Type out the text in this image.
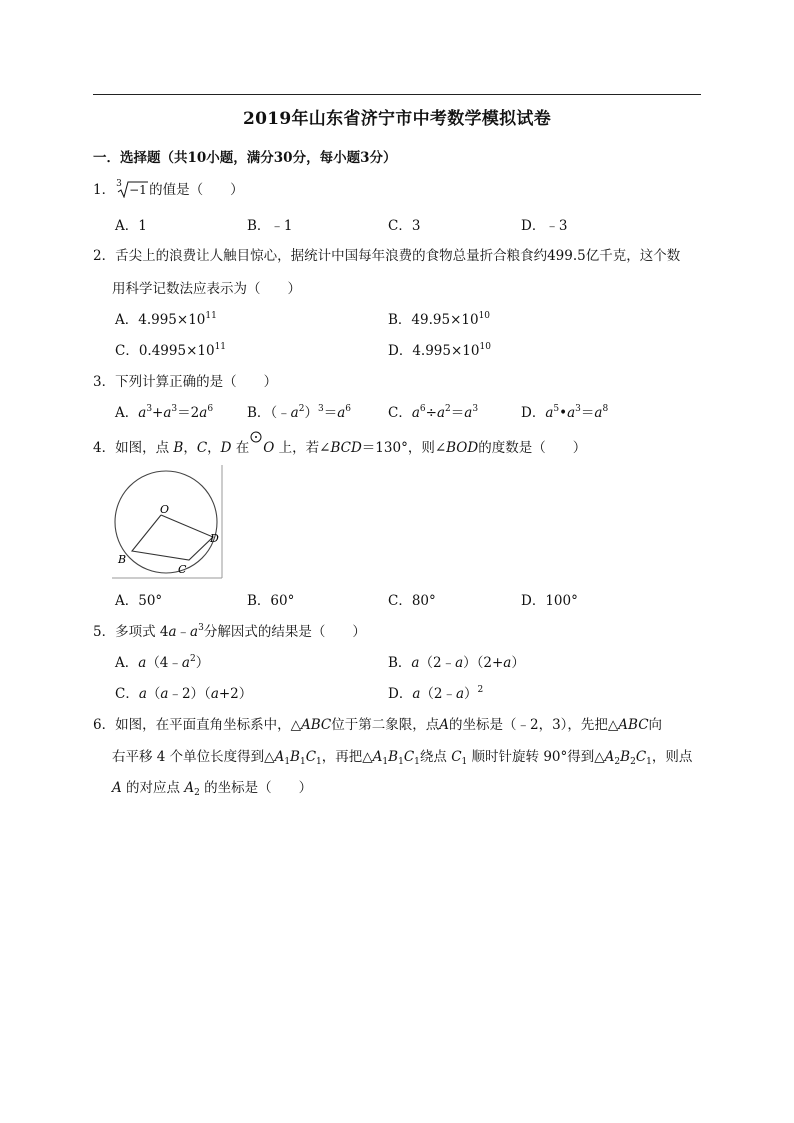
2019年山东省济宁市中考数学模拟试卷
一．选择题（共10小题，满分30分，每小题3分）
1． 3 −1 的值是（　　）
A．1	B．﹣1	C．3	D．﹣3
2．舌尖上的浪费让人触目惊心，据统计中国每年浪费的食物总量折合粮食约499.5亿千克，这个数
用科学记数法应表示为（　　）
A．$4.995\times 10^{11}$	B．$49.95\times 10^{10}$
C．$0.4995\times 10^{11}$	D．$4.995\times 10^{10}$
3．下列计算正确的是（　　）
A．$a^3+a^3=2a^6$	B．$(﹣a^2)^3=a^6$	C．$a^6\div a^2=a^3$	D．$a^5•a^3=a^8$
4．如图，点 B，C，D 在 O 上，若∠BCD＝130°，则∠BOD的度数是（　　）
O
B
C
D
A．50°	B．60°	C．80°	D．100°
5．多项式 $4a﹣a^3$分解因式的结果是（　　）
A．$a(4﹣a^2)$	B．a（2﹣a）（2+a）
C．a（a﹣2）（a+2）	D．a（2﹣a）$^2$
6．如图，在平面直角坐标系中，△ABC位于第二象限，点A的坐标是（﹣2，3），先把△ABC向
右平移 4 个单位长度得到$\triangle A_1B_1C_1$，再把$\triangle A_1B_1C_1$绕点 $C_1$ 顺时针旋转 90°得到$\triangle A_2B_2C_1$，则点
A 的对应点 $A_2$ 的坐标是（　　）
